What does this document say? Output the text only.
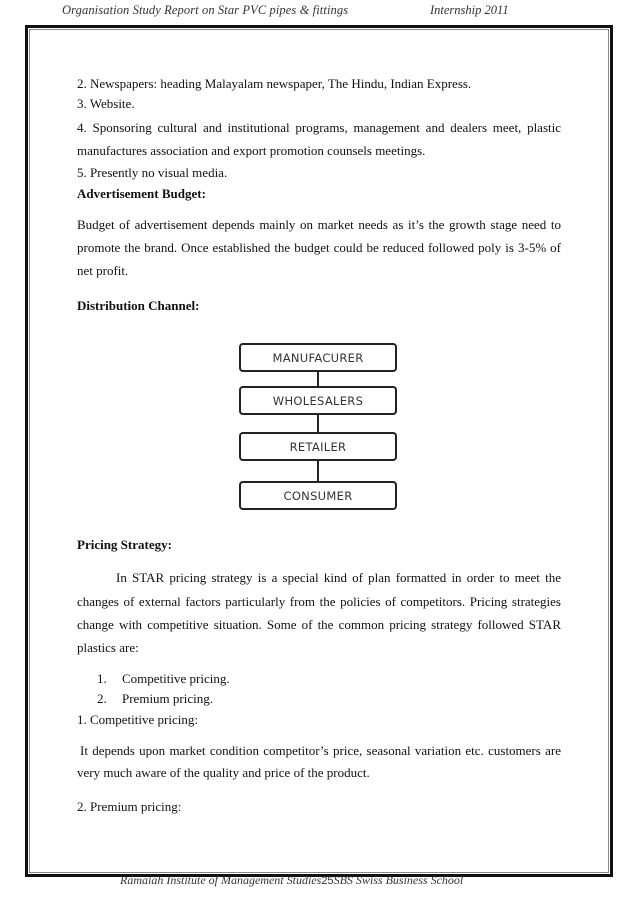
Organisation Study Report on Star PVC pipes & fittings	Internship 2011
2. Newspapers: heading Malayalam newspaper, The Hindu, Indian Express.
3. Website.
4. Sponsoring cultural and institutional programs, management and dealers meet, plastic
manufactures association and export promotion counsels meetings.
5. Presently no visual media.
Advertisement Budget:
Budget of advertisement depends mainly on market needs as it’s the growth stage need to
promote the brand. Once established the budget could be reduced followed poly is 3-5% of
net profit.
Distribution Channel:
MANUFACURER
WHOLESALERS
RETAILER
CONSUMER
Pricing Strategy:
In STAR pricing strategy is a special kind of plan formatted in order to meet the
changes of external factors particularly from the policies of competitors. Pricing strategies
change with competitive situation. Some of the common pricing strategy followed STAR
plastics are:
1. Competitive pricing.
2. Premium pricing.
1. Competitive pricing:
It depends upon market condition competitor’s price, seasonal variation etc. customers are
very much aware of the quality and price of the product.
2. Premium pricing:
Ramaiah Institute of Management Studies25SBS Swiss Business School
